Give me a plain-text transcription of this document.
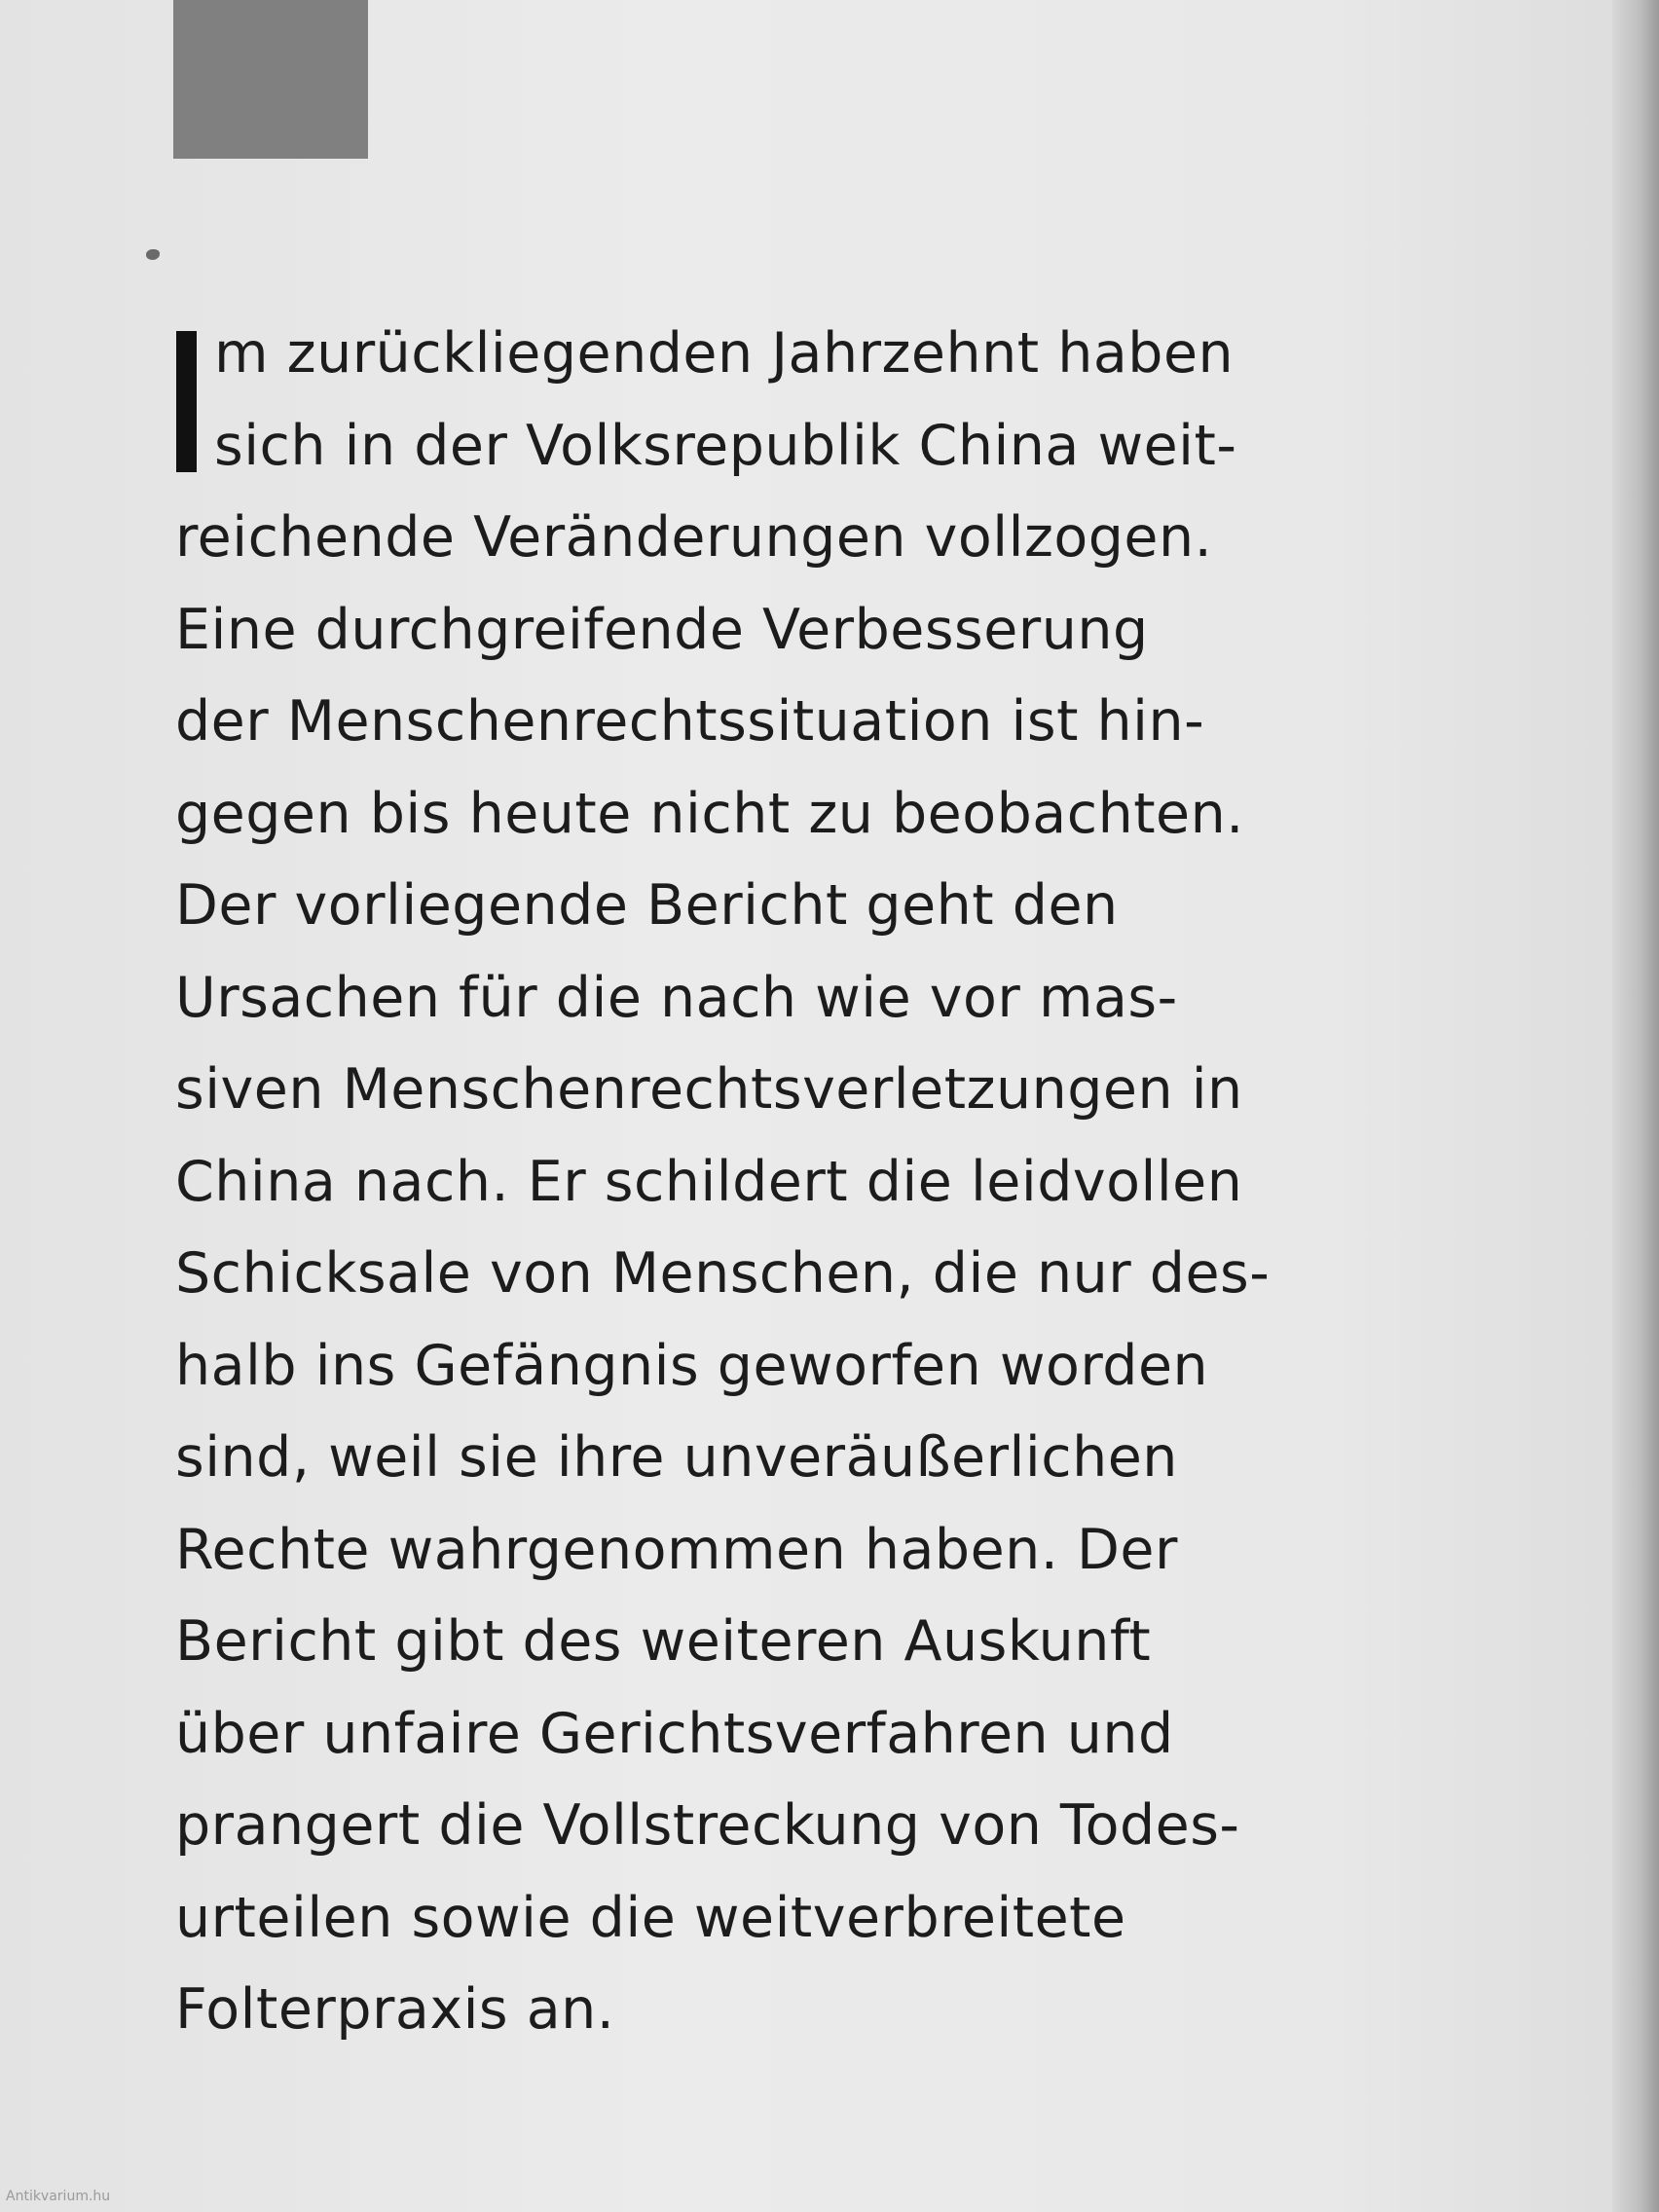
m zurückliegenden Jahrzehnt haben
sich in der Volksrepublik China weit-
reichende Veränderungen vollzogen.
Eine durchgreifende Verbesserung
der Menschenrechtssituation ist hin-
gegen bis heute nicht zu beobachten.
Der vorliegende Bericht geht den
Ursachen für die nach wie vor mas-
siven Menschenrechtsverletzungen in
China nach. Er schildert die leidvollen
Schicksale von Menschen, die nur des-
halb ins Gefängnis geworfen worden
sind, weil sie ihre unveräußerlichen
Rechte wahrgenommen haben. Der
Bericht gibt des weiteren Auskunft
über unfaire Gerichtsverfahren und
prangert die Vollstreckung von Todes-
urteilen sowie die weitverbreitete
Folterpraxis an.
Antikvarium.hu
